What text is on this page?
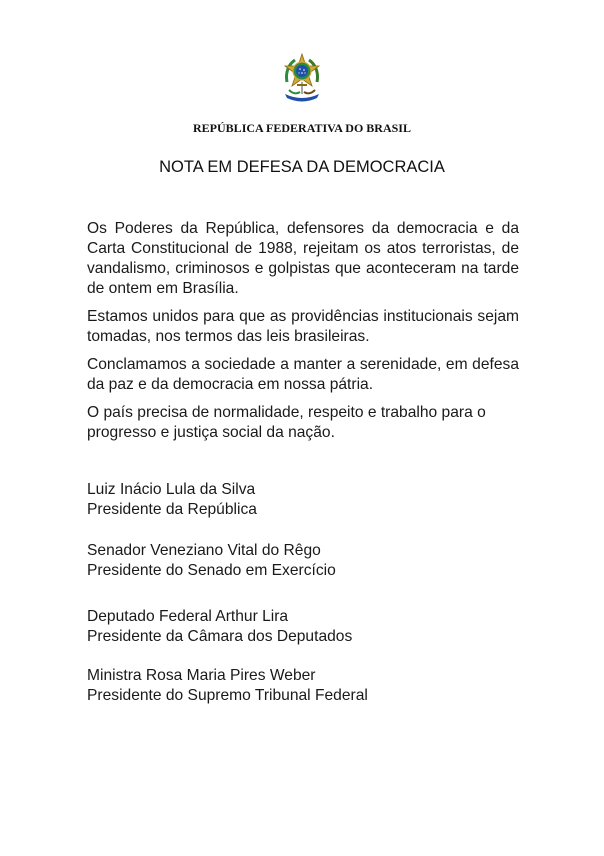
REPÚBLICA FEDERATIVA DO BRASIL
NOTA EM DEFESA DA DEMOCRACIA

Os Poderes da República, defensores da democracia e da Carta Constitucional de 1988, rejeitam os atos terroristas, de vandalismo, criminosos e golpistas que aconteceram na tarde de ontem em Brasília.

Estamos unidos para que as providências institucionais sejam tomadas, nos termos das leis brasileiras.

Conclamamos a sociedade a manter a serenidade, em defesa da paz e da democracia em nossa pátria.

O país precisa de normalidade, respeito e trabalho para o progresso e justiça social da nação.

Luiz Inácio Lula da Silva
Presidente da República
Senador Veneziano Vital do Rêgo
Presidente do Senado em Exercício
Deputado Federal Arthur Lira
Presidente da Câmara dos Deputados
Ministra Rosa Maria Pires Weber
Presidente do Supremo Tribunal Federal
